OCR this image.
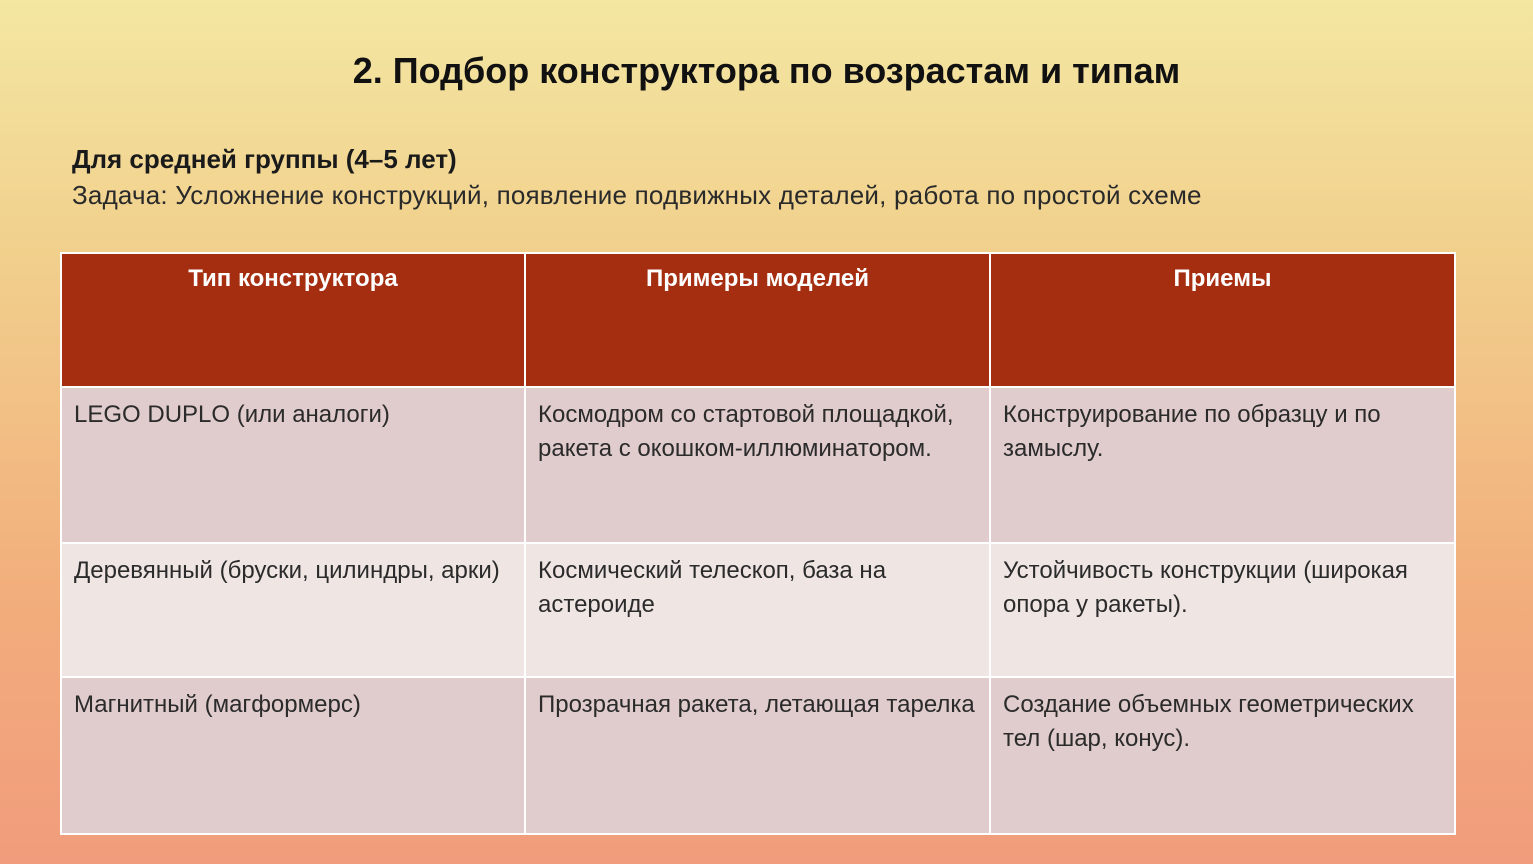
2. Подбор конструктора по возрастам и типам
Для средней группы (4–5 лет)
Задача: Усложнение конструкций, появление подвижных деталей, работа по простой схеме
Тип конструктора	Примеры моделей	Приемы
LEGO DUPLO (или аналоги)	Космодром со стартовой площадкой, ракета с окошком-иллюминатором.	Конструирование по образцу и по замыслу.
Деревянный (бруски, цилиндры, арки)	Космический телескоп, база на астероиде	Устойчивость конструкции (широкая опора у ракеты).
Магнитный (магформерс)	Прозрачная ракета, летающая тарелка	Создание объемных геометрических тел (шар, конус).
